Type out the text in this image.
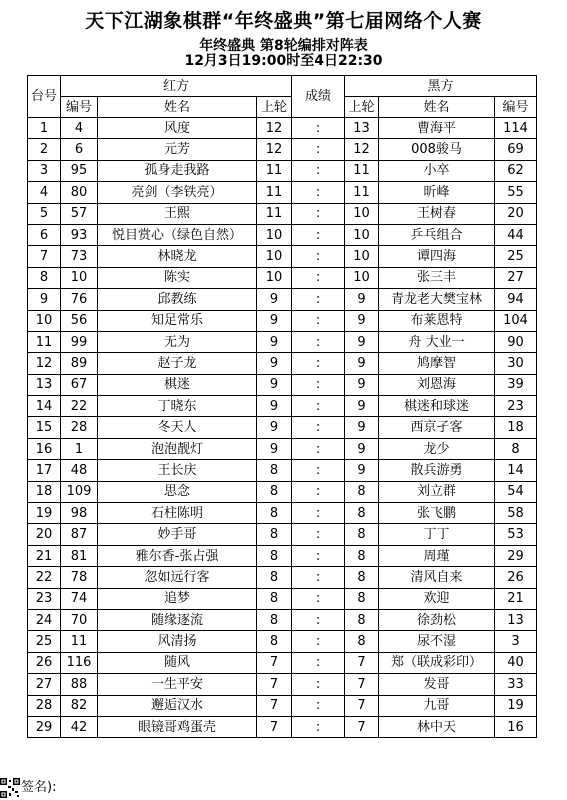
天下江湖象棋群“年终盛典”第七届网络个人赛
年终盛典 第8轮编排对阵表
12月3日19:00时至4日22:30
台号	红方			成绩	黑方		
	编号	姓名	上轮		上轮	姓名	编号
1	4	风度	12	:	13	曹海平	114
2	6	元芳	12	:	12	008骏马	69
3	95	孤身走我路	11	:	11	小卒	62
4	80	亮剑（李铁亮）	11	:	11	昕峰	55
5	57	王熙	11	:	10	王树春	20
6	93	悦目赏心（绿色自然）	10	:	10	乒乓组合	44
7	73	林晓龙	10	:	10	谭四海	25
8	10	陈实	10	:	10	张三丰	27
9	76	邱教练	9	:	9	青龙老大樊宝林	94
10	56	知足常乐	9	:	9	布莱恩特	104
11	99	无为	9	:	9	舟 大业一	90
12	89	赵子龙	9	:	9	鸠摩智	30
13	67	棋迷	9	:	9	刘恩海	39
14	22	丁晓东	9	:	9	棋迷和球迷	23
15	28	冬天人	9	:	9	西京孑客	18
16	1	泡泡靓灯	9	:	9	龙少	8
17	48	王长庆	8	:	9	散兵游勇	14
18	109	思念	8	:	8	刘立群	54
19	98	石柱陈明	8	:	8	张飞鹏	58
20	87	妙手哥	8	:	8	丁丁	53
21	81	雅尔香-张占强	8	:	8	周瑾	29
22	78	忽如远行客	8	:	8	清风自来	26
23	74	追梦	8	:	8	欢迎	21
24	70	随缘逐流	8	:	8	徐劲松	13
25	11	风清扬	8	:	8	尿不湿	3
26	116	随风	7	:	7	郑（联成彩印）	40
27	88	一生平安	7	:	7	发哥	33
28	82	邂逅汉水	7	:	7	九哥	19
29	42	眼镜哥鸡蛋壳	7	:	7	林中天	16
签名):
